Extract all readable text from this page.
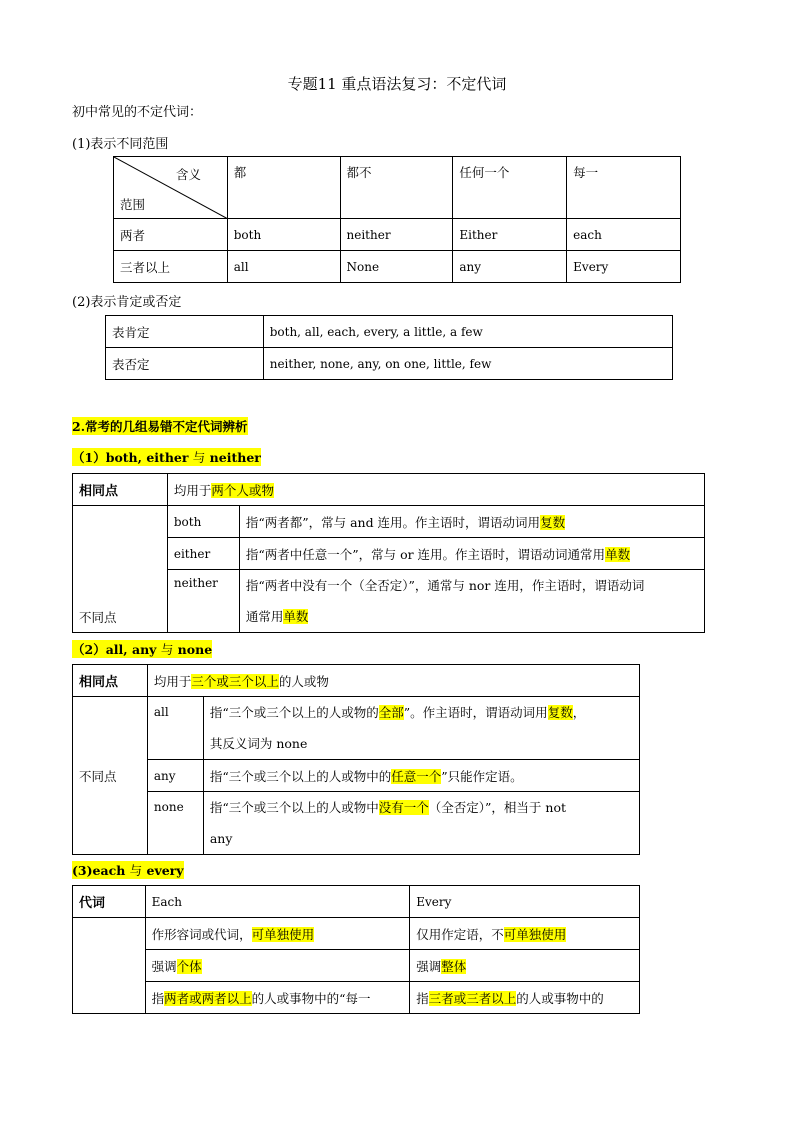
专题11 重点语法复习：不定代词
初中常见的不定代词：
(1)表示不同范围
含义
范围	都	都不	任何一个	每一
两者	both	neither	Either	each
三者以上	all	None	any	Every
(2)表示肯定或否定
表肯定	both, all, each, every, a little, a few
表否定	neither, none, any, on one, little, few
2.常考的几组易错不定代词辨析
（1）both, either 与 neither
相同点	均用于两个人或物	
不同点	both	指“两者都”，常与 and 连用。作主语时，谓语动词用复数
	either	指“两者中任意一个”，常与 or 连用。作主语时，谓语动词通常用单数
	neither	指“两者中没有一个（全否定）”，通常与 nor 连用，作主语时，谓语动词
通常用单数
（2）all, any 与 none
相同点	均用于三个或三个以上的人或物	
不同点	all	指“三个或三个以上的人或物的全部”。作主语时，谓语动词用复数，
其反义词为 none
	any	指“三个或三个以上的人或物中的任意一个”只能作定语。
	none	指“三个或三个以上的人或物中没有一个（全否定）”，相当于 not
any
(3)each 与 every
代词	Each	Every
	作形容词或代词，可单独使用	仅用作定语，不可单独使用
	强调个体	强调整体
	指两者或两者以上的人或事物中的“每一	指三者或三者以上的人或事物中的
